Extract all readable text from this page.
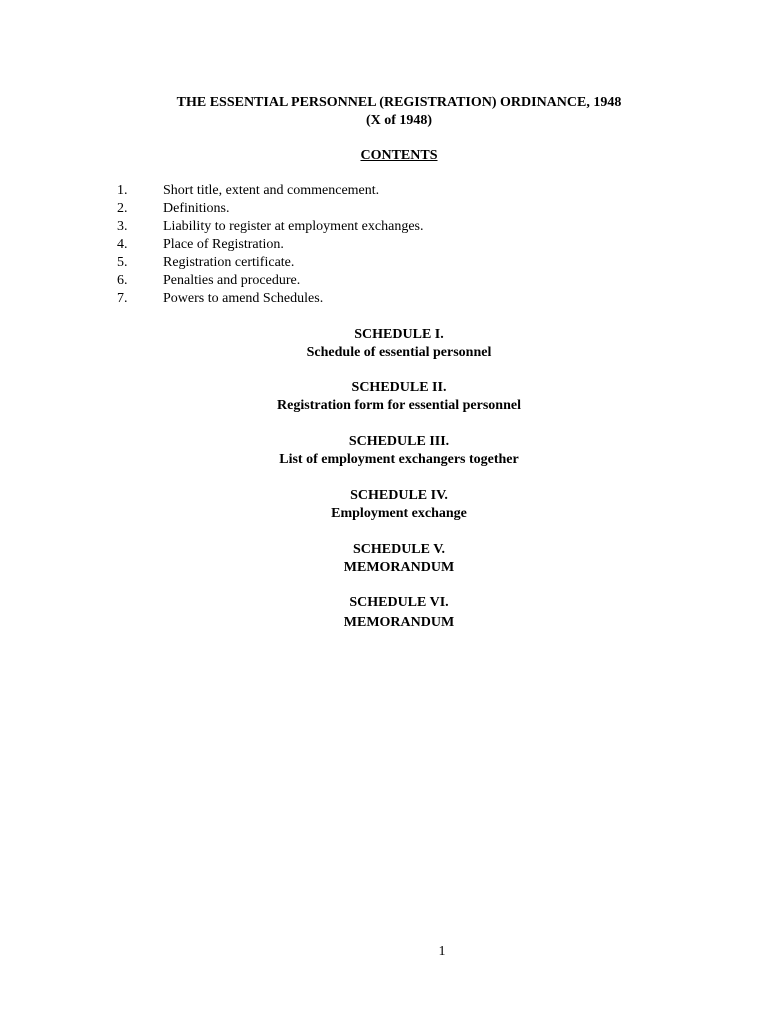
THE ESSENTIAL PERSONNEL (REGISTRATION) ORDINANCE, 1948
(X of 1948)
CONTENTS
1.	Short title, extent and commencement.
2.	Definitions.
3.	Liability to register at employment exchanges.
4.	Place of Registration.
5.	Registration certificate.
6.	Penalties and procedure.
7.	Powers to amend Schedules.
SCHEDULE I.
Schedule of essential personnel
SCHEDULE II.
Registration form for essential personnel
SCHEDULE III.
List of employment exchangers together
SCHEDULE IV.
Employment exchange
SCHEDULE V.
MEMORANDUM
SCHEDULE VI.
MEMORANDUM
1
